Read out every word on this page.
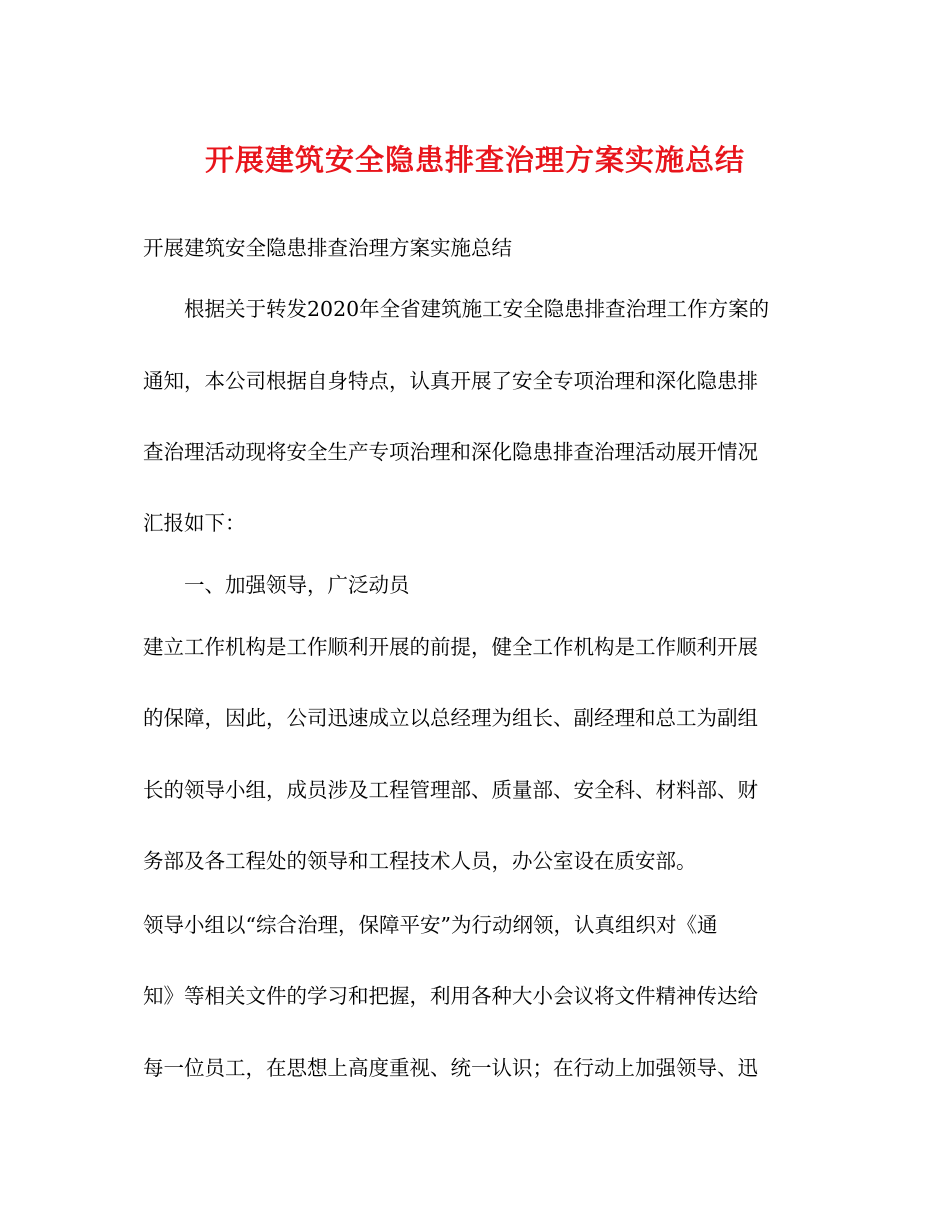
开展建筑安全隐患排查治理方案实施总结
开展建筑安全隐患排查治理方案实施总结
根据关于转发2020年全省建筑施工安全隐患排查治理工作方案的
通知，本公司根据自身特点，认真开展了安全专项治理和深化隐患排
查治理活动现将安全生产专项治理和深化隐患排查治理活动展开情况
汇报如下：
一、加强领导，广泛动员
建立工作机构是工作顺利开展的前提，健全工作机构是工作顺利开展
的保障，因此，公司迅速成立以总经理为组长、副经理和总工为副组
长的领导小组，成员涉及工程管理部、质量部、安全科、材料部、财
务部及各工程处的领导和工程技术人员，办公室设在质安部。
领导小组以“综合治理，保障平安”为行动纲领，认真组织对《通
知》等相关文件的学习和把握，利用各种大小会议将文件精神传达给
每一位员工，在思想上高度重视、统一认识；在行动上加强领导、迅
